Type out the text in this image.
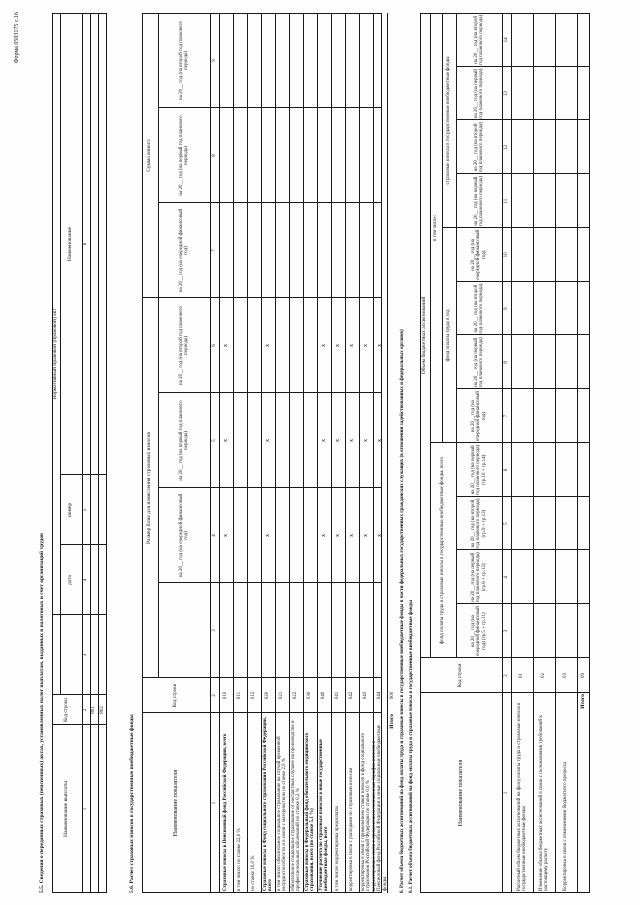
Форма 0503175 с.16
5.5. Сведения о переданных страховых (пенсионных) актах, установленных налог выплатам, выданных в налоговых и счет организаций трудов	Наименование выплаты
Код строки
Нормативный правовой (правовой) акт
дата
номер
Наименование
1
2
3
4
5
6
801 802
5.6. Расчет страховых взносов в государственные внебюджетные фонды	6. Расчет объема бюджетных ассигнований на фонд оплаты труда и страховые взносы в государственные внебюджетные фонды в части федеральных государственных гражданских служащих (в отношении задействованных и федеральных органов) 6.1. Расчет объема бюджетных ассигнований на фонд оплаты труда и страховые взносы в государственные внебюджетные фонды
Наименование показателя
Код строки
Размер базы для начисления страховых взносов
Сумма взноса
на 20__ год (на очередной финансовый год)
на 20__ год (на первый год планового периода)
на 20__ год (на второй год планового периода)
на 20__ год (на очередной финансовый год)
на 20__ год (на первый год планового периода)
на 20__ год (на второй год планового периода)
1
2
3
4
5
6
7
8
9
Страховые взносы в Пенсионный фонд Российской Федерации, всего
010
x
x
x
в том числе: по ставке 22,0 %
011
по ставке 10,0 %
012
Страховые взносы в Фонд социального страхования Российской Федерации, всего
020
x
x
x
в том числе: обязательное социальное страхование на случай временной нетрудоспособности и в связи с материнством по ставке 2,9 %
021
обязательное социальное страхование от несчастных случаев на производстве и профессиональных заболеваний по ставке 0,2 %
022
Страховые взносы в Федеральный фонд обязательного медицинского страхования, всего (по ставке 5,1 %)
030
Уточнение расчета по страховым взносам в иные государственные внебюджетные фонды, всего
040
x
x
x
в том числе: корректировка предоплаты
041
x
x
x
корректировка в связи с расходами по страховым взносам
042
x
x
x
корректировка в связи с применением ставки взносов в фонд социального страхования Российской Федерации по ставке 0,0 %
043
x
x
x
корректировка в связи с применением пониженных тарифов взносов в Пенсионный фонд Российской Федерации и иные социальные внебюджетные фонды
044
x
x
x
Итого
900
Наименование показателя
Код строки
Объем бюджетных ассигнований
фонд оплаты труда и страховые взносы в государственные внебюджетные фонды, всего
в том числе:
фонд оплаты труда в год
страховые взносы в государственные внебюджетные фонды
на 20__ год (на очередной финансовый год) (гр.5 + гр.11)
на 20__ год (на первый год планового периода) (гр.6 + гр.12)
на 20__ год (на второй год планового периода) (гр.9 + гр.13)
на 20__ год (на первый год планового периода) (гр.10 + гр.14)
на 20__ год (на очередной финансовый год)
на 20__ год (на первый год планового периода)
на 20__ год (на второй год планового периода)
на 20__ год (на очередной финансовый год)
на 20__ год (на первый год планового периода)
на 20__ год (на второй год планового периода)
на 20__ год (на первый год планового периода)
на 20__ год (на второй год планового периода)
1
2
3
4
5
6
7
8
9
10
11
12
13
14
Расчетный объем бюджетных ассигнований на фонд оплаты труда и страховые взносы в государственные внебюджетные фонды
01
Изменение объема бюджетных ассигнований в связи с положениями требований к настоящему расчету
02
Корректировка в связи с изменениями бюджетного процесса
03
Итого
09
